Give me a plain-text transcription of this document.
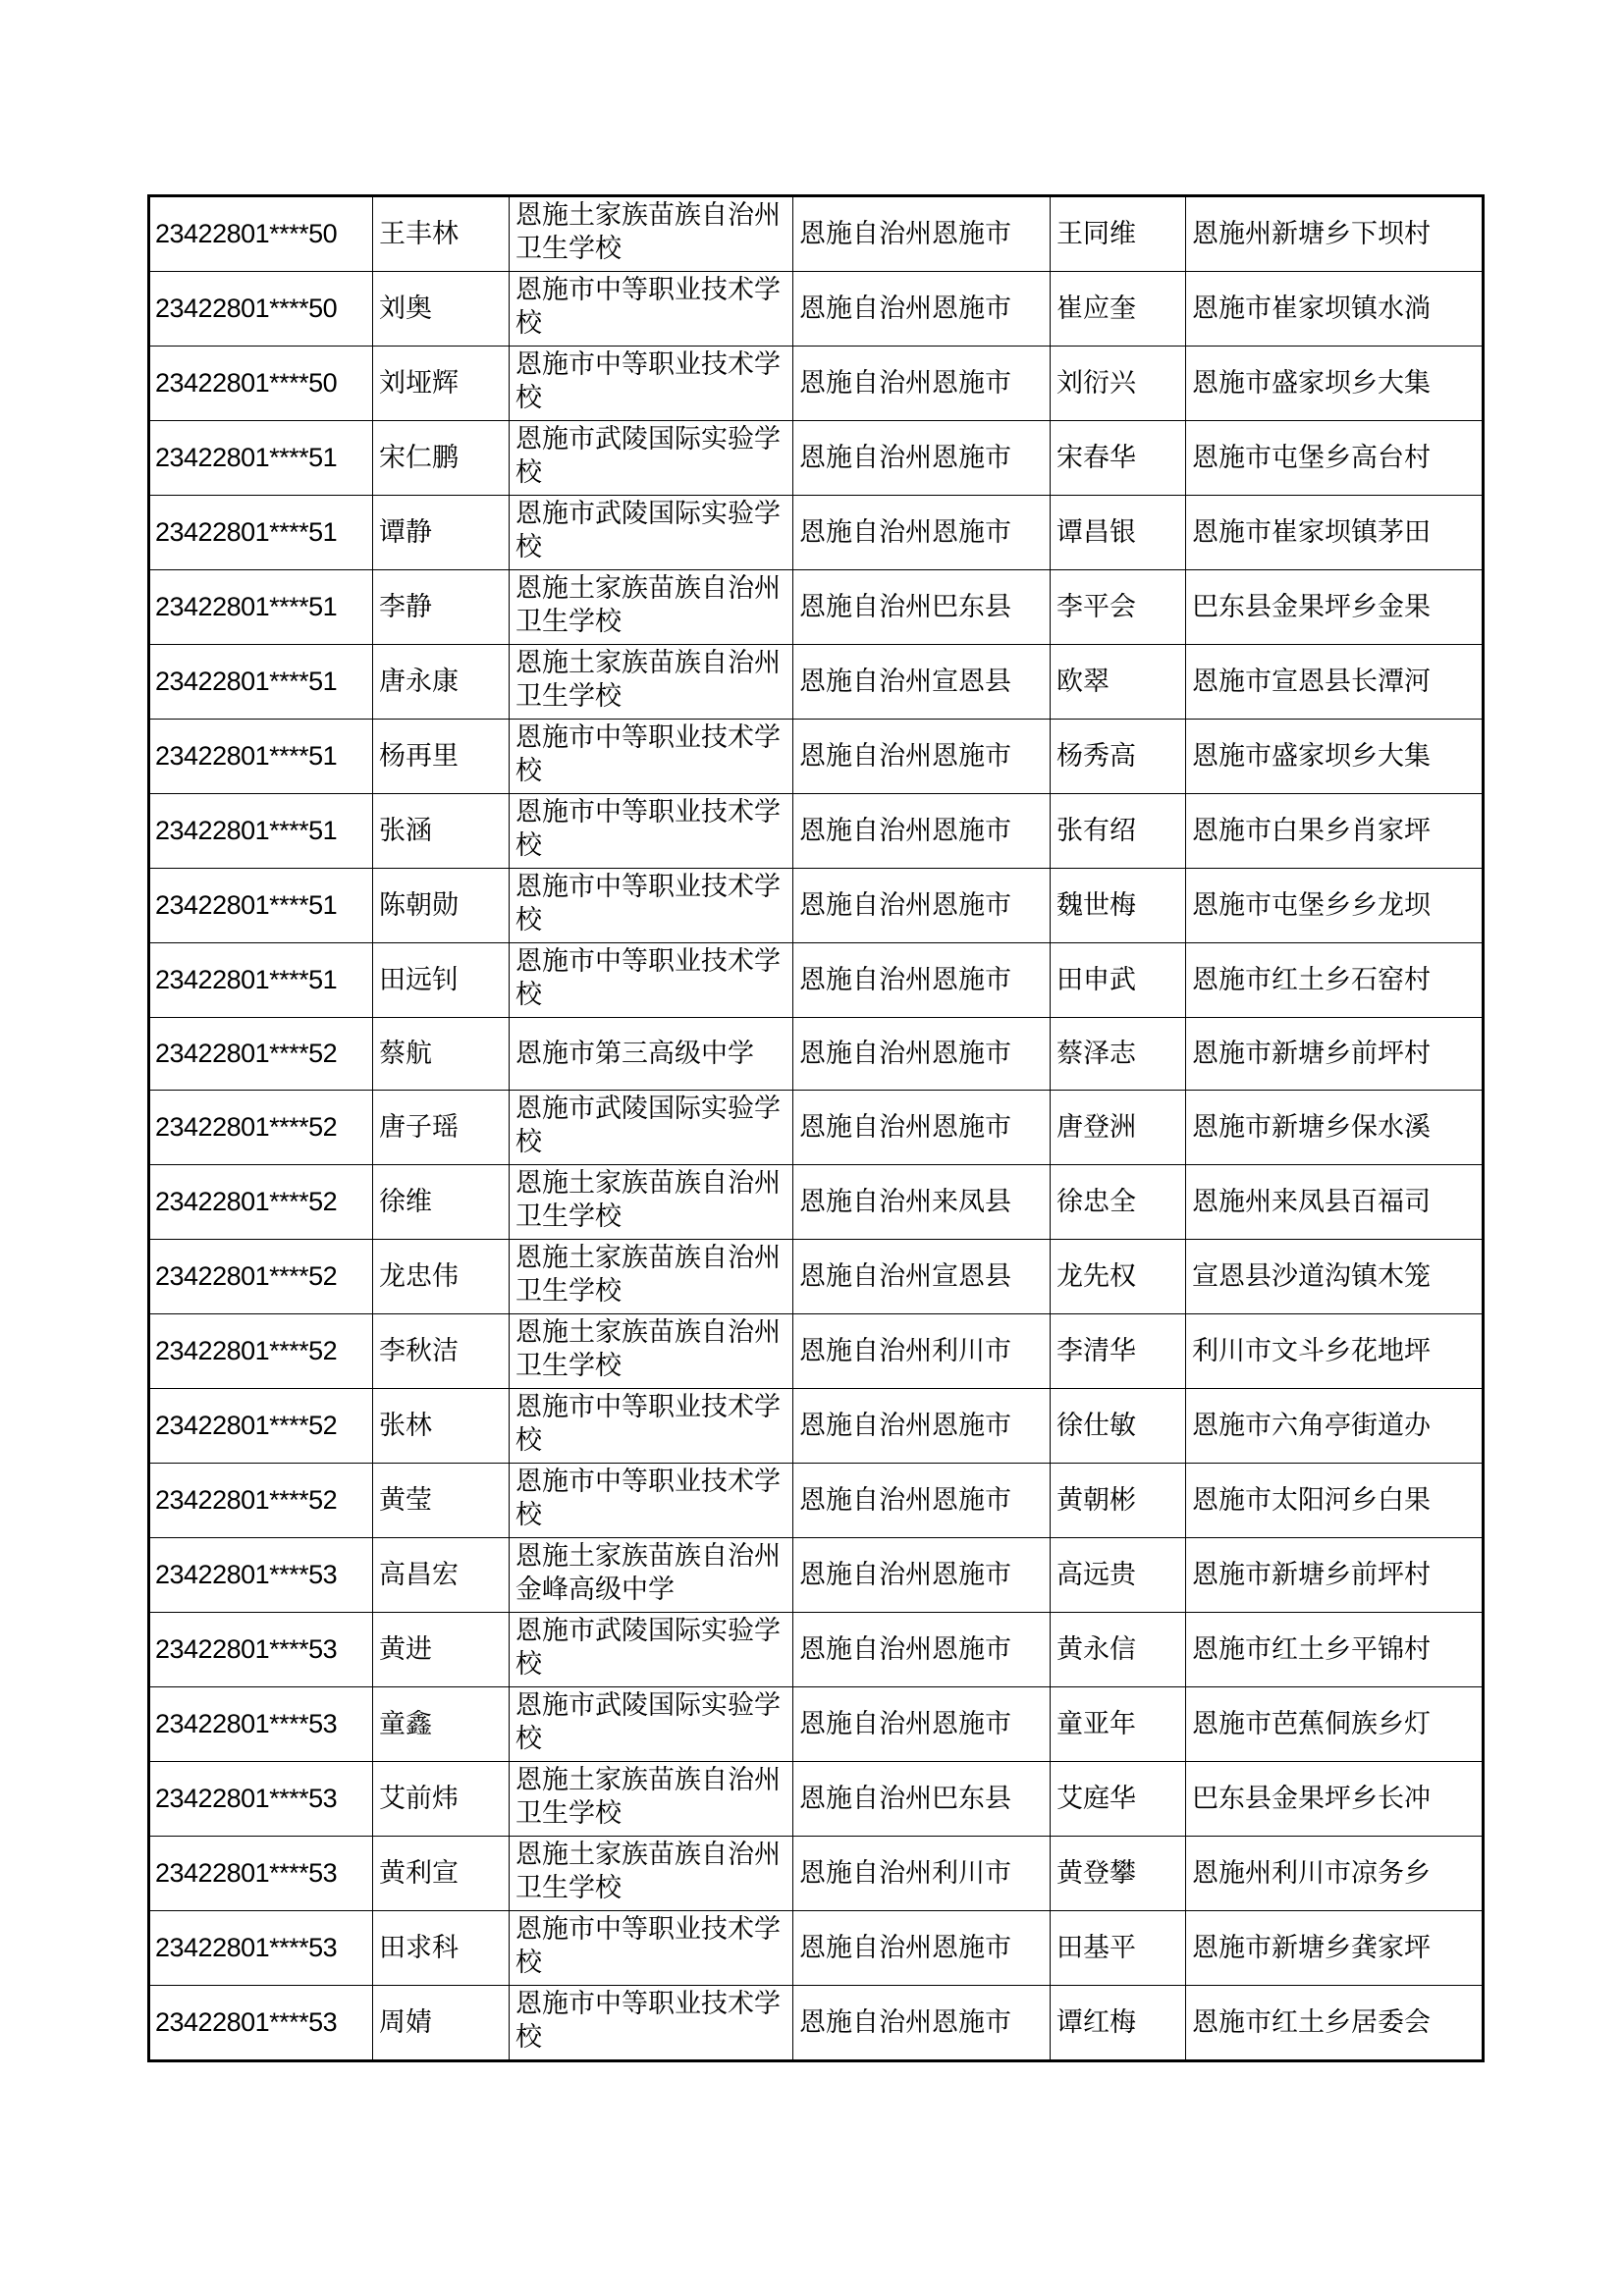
23422801****50	王丰林	恩施土家族苗族自治州卫生学校	恩施自治州恩施市	王同维	恩施州新塘乡下坝村
23422801****50	刘奥	恩施市中等职业技术学校	恩施自治州恩施市	崔应奎	恩施市崔家坝镇水淌
23422801****50	刘垭辉	恩施市中等职业技术学校	恩施自治州恩施市	刘衍兴	恩施市盛家坝乡大集
23422801****51	宋仁鹏	恩施市武陵国际实验学校	恩施自治州恩施市	宋春华	恩施市屯堡乡高台村
23422801****51	谭静	恩施市武陵国际实验学校	恩施自治州恩施市	谭昌银	恩施市崔家坝镇茅田
23422801****51	李静	恩施土家族苗族自治州卫生学校	恩施自治州巴东县	李平会	巴东县金果坪乡金果
23422801****51	唐永康	恩施土家族苗族自治州卫生学校	恩施自治州宣恩县	欧翠	恩施市宣恩县长潭河
23422801****51	杨再里	恩施市中等职业技术学校	恩施自治州恩施市	杨秀高	恩施市盛家坝乡大集
23422801****51	张涵	恩施市中等职业技术学校	恩施自治州恩施市	张有绍	恩施市白果乡肖家坪
23422801****51	陈朝勋	恩施市中等职业技术学校	恩施自治州恩施市	魏世梅	恩施市屯堡乡乡龙坝
23422801****51	田远钊	恩施市中等职业技术学校	恩施自治州恩施市	田申武	恩施市红土乡石窑村
23422801****52	蔡航	恩施市第三高级中学	恩施自治州恩施市	蔡泽志	恩施市新塘乡前坪村
23422801****52	唐子瑶	恩施市武陵国际实验学校	恩施自治州恩施市	唐登洲	恩施市新塘乡保水溪
23422801****52	徐维	恩施土家族苗族自治州卫生学校	恩施自治州来凤县	徐忠全	恩施州来凤县百福司
23422801****52	龙忠伟	恩施土家族苗族自治州卫生学校	恩施自治州宣恩县	龙先权	宣恩县沙道沟镇木笼
23422801****52	李秋洁	恩施土家族苗族自治州卫生学校	恩施自治州利川市	李清华	利川市文斗乡花地坪
23422801****52	张林	恩施市中等职业技术学校	恩施自治州恩施市	徐仕敏	恩施市六角亭街道办
23422801****52	黄莹	恩施市中等职业技术学校	恩施自治州恩施市	黄朝彬	恩施市太阳河乡白果
23422801****53	高昌宏	恩施土家族苗族自治州金峰高级中学	恩施自治州恩施市	高远贵	恩施市新塘乡前坪村
23422801****53	黄进	恩施市武陵国际实验学校	恩施自治州恩施市	黄永信	恩施市红土乡平锦村
23422801****53	童鑫	恩施市武陵国际实验学校	恩施自治州恩施市	童亚年	恩施市芭蕉侗族乡灯
23422801****53	艾前炜	恩施土家族苗族自治州卫生学校	恩施自治州巴东县	艾庭华	巴东县金果坪乡长冲
23422801****53	黄利宣	恩施土家族苗族自治州卫生学校	恩施自治州利川市	黄登攀	恩施州利川市凉务乡
23422801****53	田求科	恩施市中等职业技术学校	恩施自治州恩施市	田基平	恩施市新塘乡龚家坪
23422801****53	周婧	恩施市中等职业技术学校	恩施自治州恩施市	谭红梅	恩施市红土乡居委会
